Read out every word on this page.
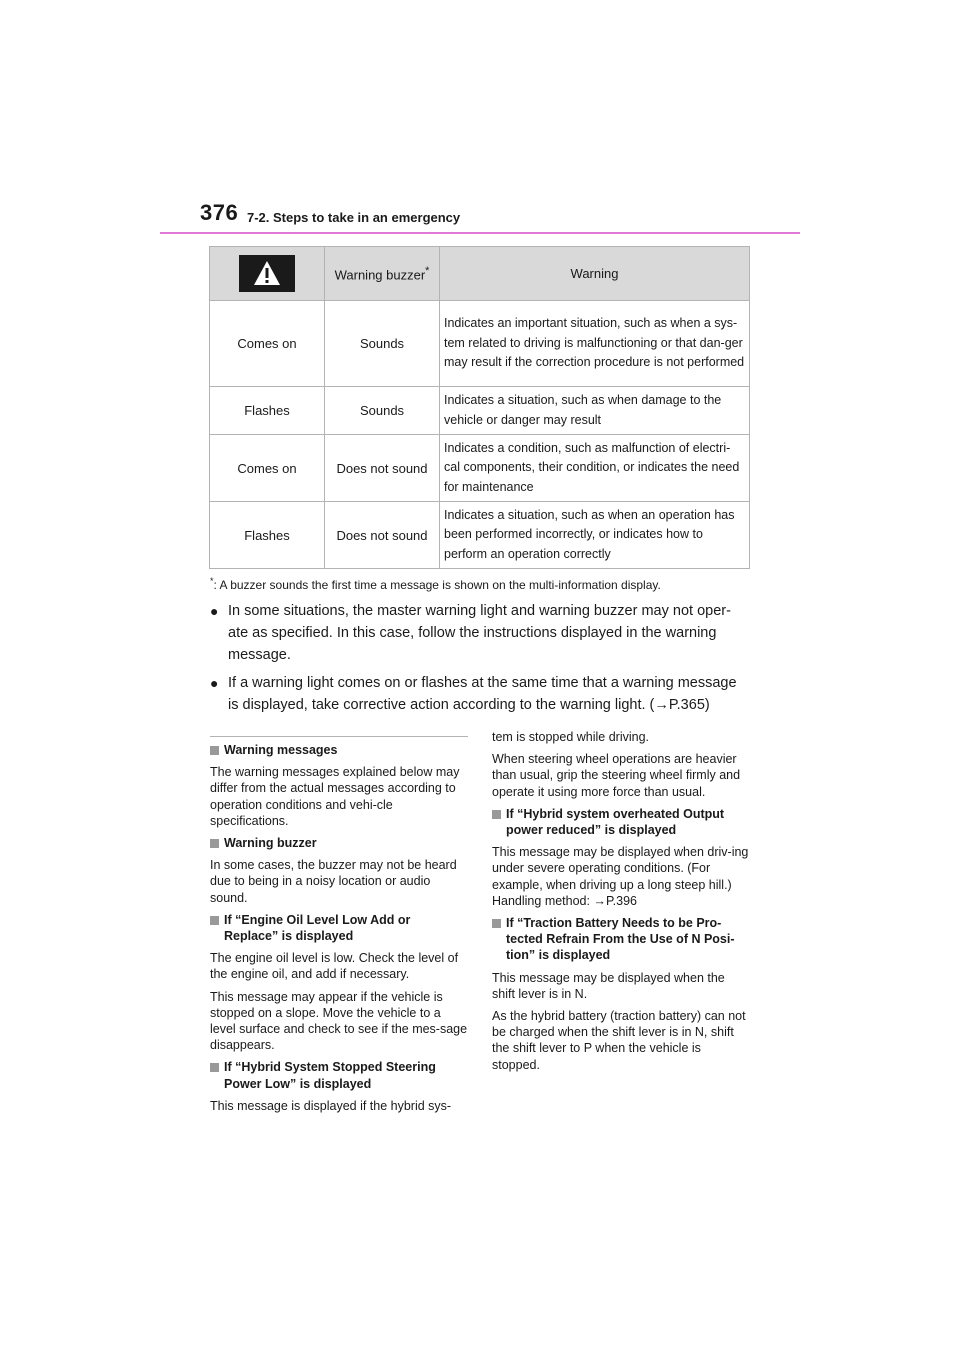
376 7-2. Steps to take in an emergency
	Warning buzzer*	Warning
Comes on	Sounds	Indicates an important situation, such as when a sys-tem related to driving is malfunctioning or that dan-ger may result if the correction procedure is not performed
Flashes	Sounds	Indicates a situation, such as when damage to the vehicle or danger may result
Comes on	Does not sound	Indicates a condition, such as malfunction of electri-cal components, their condition, or indicates the need for maintenance
Flashes	Does not sound	Indicates a situation, such as when an operation has been performed incorrectly, or indicates how to perform an operation correctly
*: A buzzer sounds the first time a message is shown on the multi-information display.
● In some situations, the master warning light and warning buzzer may not oper-ate as specified. In this case, follow the instructions displayed in the warning message.
● If a warning light comes on or flashes at the same time that a warning message is displayed, take corrective action according to the warning light. (→P.365)
Warning messages

The warning messages explained below may differ from the actual messages according to operation conditions and vehi-cle specifications.

Warning buzzer

In some cases, the buzzer may not be heard due to being in a noisy location or audio sound.

If “Engine Oil Level Low Add or Replace” is displayed

The engine oil level is low. Check the level of the engine oil, and add if necessary.

This message may appear if the vehicle is stopped on a slope. Move the vehicle to a level surface and check to see if the mes-sage disappears.

If “Hybrid System Stopped Steering Power Low” is displayed

This message is displayed if the hybrid sys-

tem is stopped while driving.

When steering wheel operations are heavier than usual, grip the steering wheel firmly and operate it using more force than usual.

If “Hybrid system overheated Output power reduced” is displayed

This message may be displayed when driv-ing under severe operating conditions. (For example, when driving up a long steep hill.) Handling method: →P.396

If “Traction Battery Needs to be Pro-tected Refrain From the Use of N Posi-tion” is displayed

This message may be displayed when the shift lever is in N.

As the hybrid battery (traction battery) can not be charged when the shift lever is in N, shift the shift lever to P when the vehicle is stopped.
